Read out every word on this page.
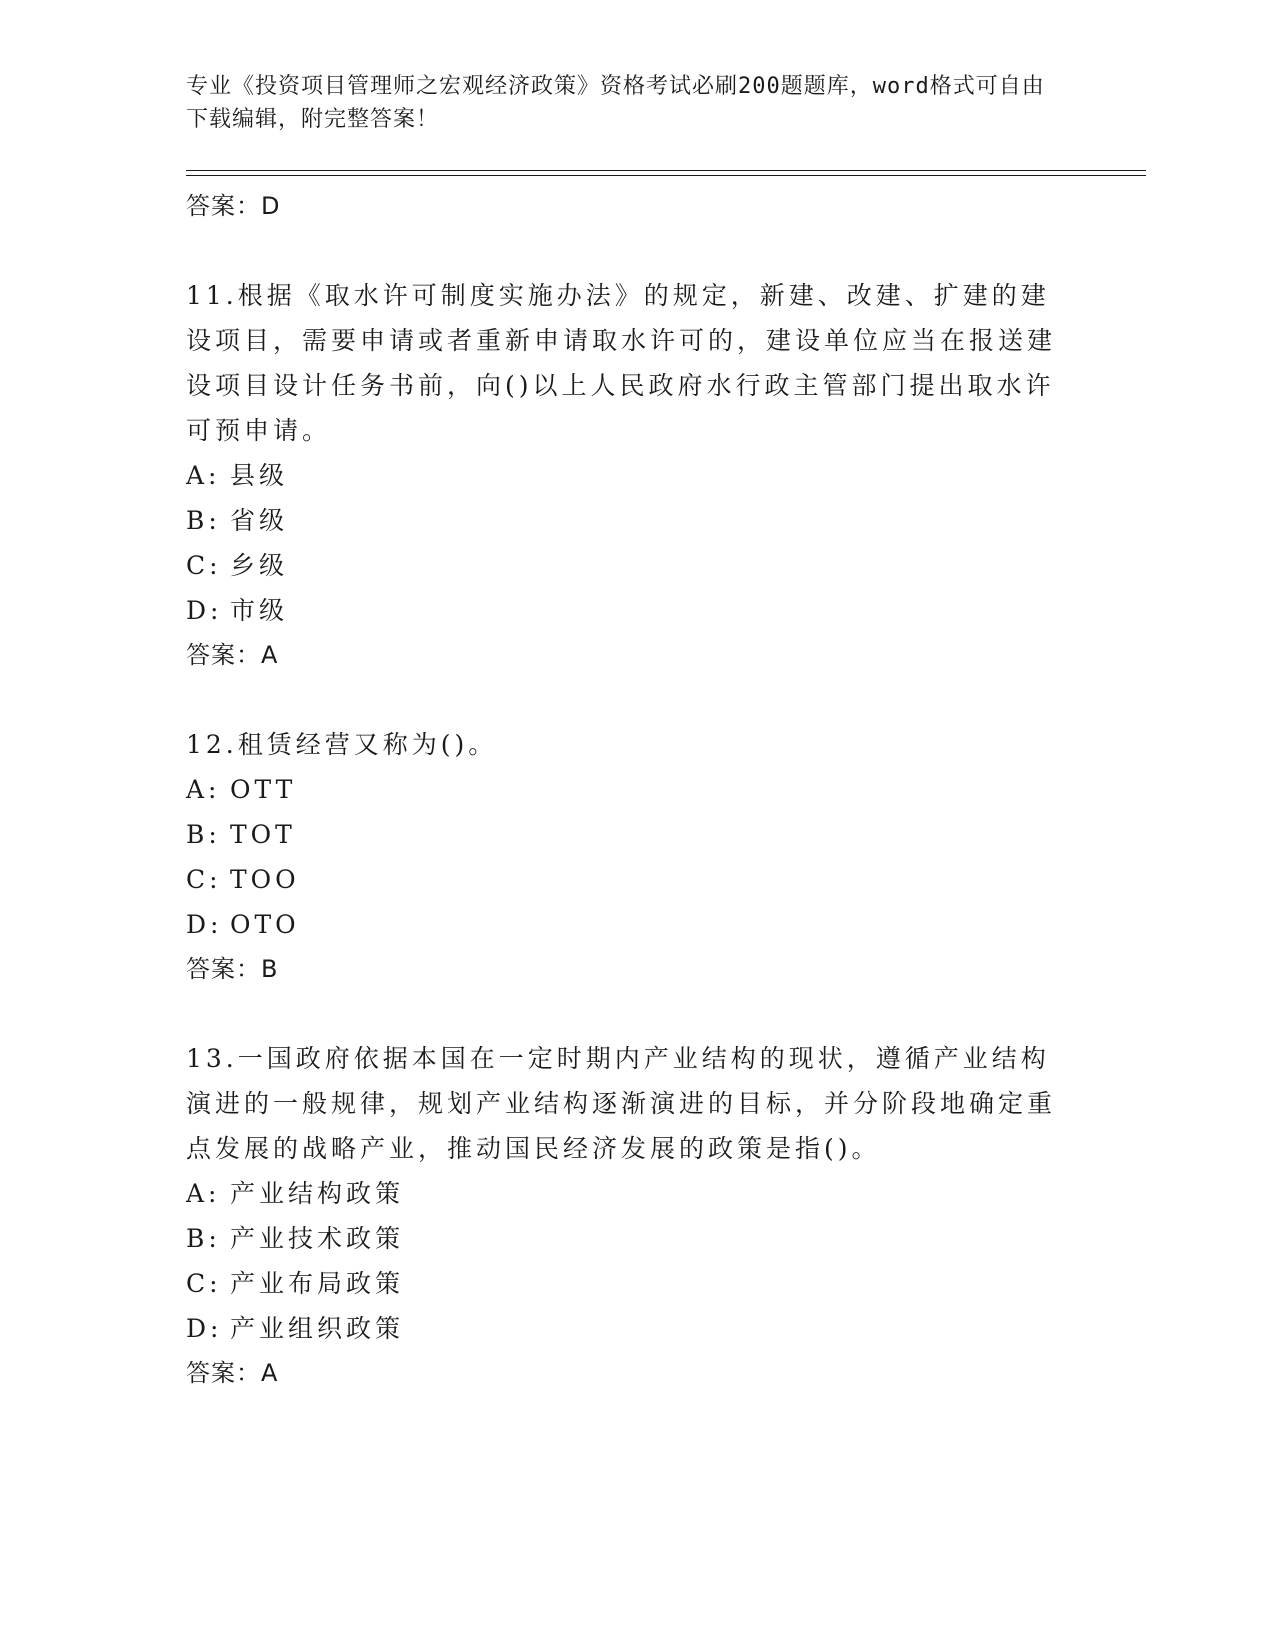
专业《投资项目管理师之宏观经济政策》资格考试必刷200题题库，word格式可自由下载编辑，附完整答案！

答案：D

11.根据《取水许可制度实施办法》的规定，新建、改建、扩建的建设项目，需要申请或者重新申请取水许可的，建设单位应当在报送建设项目设计任务书前，向()以上人民政府水行政主管部门提出取水许可预申请。

A: 县级

B: 省级

C: 乡级

D: 市级

答案：A

12.租赁经营又称为()。

A: OTT

B: TOT

C: TOO

D: OTO

答案：B

13.一国政府依据本国在一定时期内产业结构的现状，遵循产业结构演进的一般规律，规划产业结构逐渐演进的目标，并分阶段地确定重点发展的战略产业，推动国民经济发展的政策是指()。

A: 产业结构政策

B: 产业技术政策

C: 产业布局政策

D: 产业组织政策

答案：A
